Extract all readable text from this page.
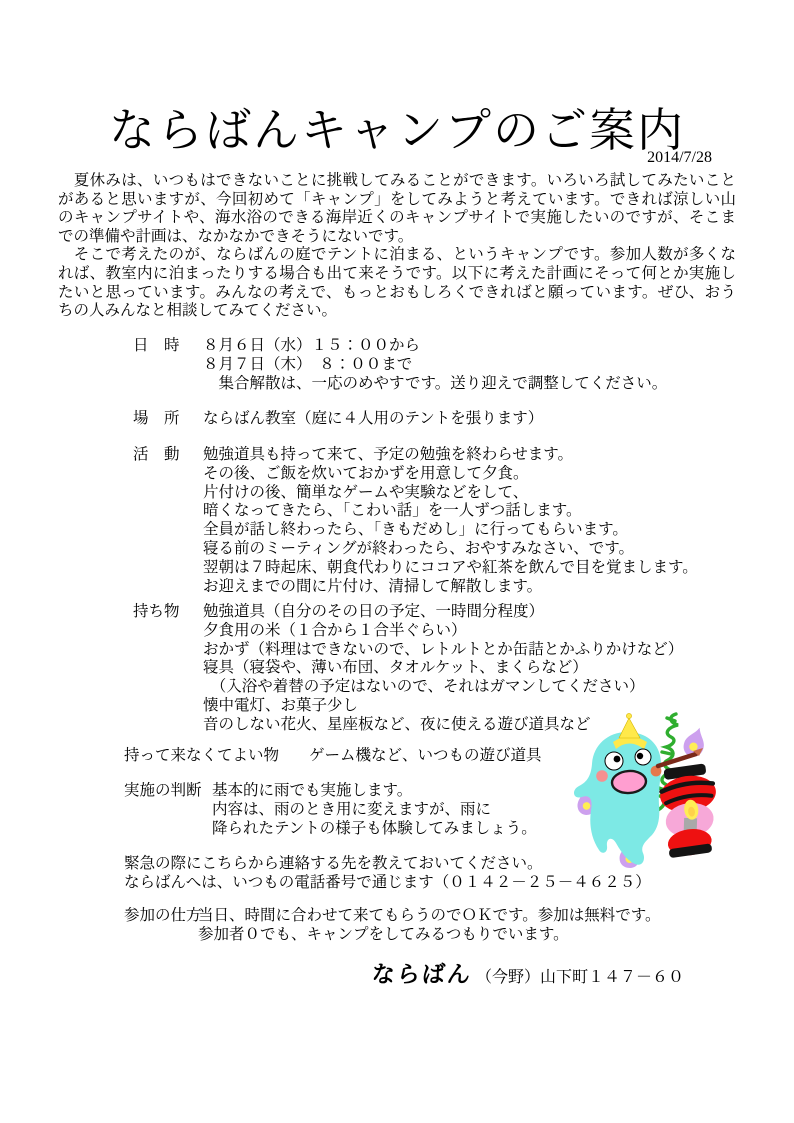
ならばんキャンプのご案内
2014/7/28
　夏休みは、いつもはできないことに挑戦してみることができます。いろいろ試してみたいことがあると思いますが、今回初めて「キャンプ」をしてみようと考えています。できれば涼しい山のキャンプサイトや、海水浴のできる海岸近くのキャンプサイトで実施したいのですが、そこまでの準備や計画は、なかなかできそうにないです。
　そこで考えたのが、ならばんの庭でテントに泊まる、というキャンプです。参加人数が多くなれば、教室内に泊まったりする場合も出て来そうです。以下に考えた計画にそって何とか実施したいと思っています。みんなの考えで、もっとおもしろくできればと願っています。ぜひ、おうちの人みんなと相談してみてください。
日　時	８月６日（水）１５：００から
８月７日（木）　８：００まで
　集合解散は、一応のめやすです。送り迎えで調整してください。
場　所	ならばん教室（庭に４人用のテントを張ります）
活　動	勉強道具も持って来て、予定の勉強を終わらせます。
その後、ご飯を炊いておかずを用意して夕食。
片付けの後、簡単なゲームや実験などをして、
暗くなってきたら、「こわい話」を一人ずつ話します。
全員が話し終わったら、「きもだめし」に行ってもらいます。
寝る前のミーティングが終わったら、おやすみなさい、です。
翌朝は７時起床、朝食代わりにココアや紅茶を飲んで目を覚まします。
お迎えまでの間に片付け、清掃して解散します。
持ち物	勉強道具（自分のその日の予定、一時間分程度）
夕食用の米（１合から１合半ぐらい）
おかず（料理はできないので、レトルトとか缶詰とかふりかけなど）
寝具（寝袋や、薄い布団、タオルケット、まくらなど）
　（入浴や着替の予定はないので、それはガマンしてください）
懐中電灯、お菓子少し
音のしない花火、星座板など、夜に使える遊び道具など
持って来なくてよい物 ゲーム機など、いつもの遊び道具
実施の判断 基本的に雨でも実施します。
内容は、雨のとき用に変えますが、雨に
降られたテントの様子も体験してみましょう。
緊急の際にこちらから連絡する先を教えておいてください。
ならばんへは、いつもの電話番号で通じます（０１４２－２５－４６２５）
参加の仕方
当日、時間に合わせて来てもらうのでＯＫです。参加は無料です。
参加者０でも、キャンプをしてみるつもりでいます。
ならばん （今野）山下町１４７－６０
